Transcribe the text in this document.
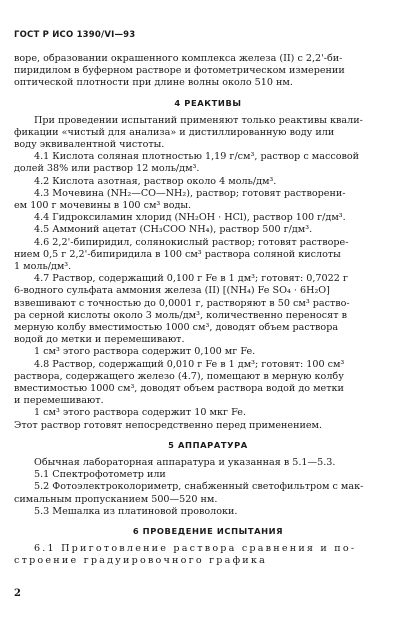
ГОСТ Р ИСО 1390/VI—93

воре, образовании окрашенного комплекса железа (II) с 2,2'-би-

пиридилом в буферном растворе и фотометрическом измерении

оптической плотности при длине волны около 510 нм.

4 РЕАКТИВЫ

При проведении испытаний применяют только реактивы квали-

фикации «чистый для анализа» и дистиллированную воду или

воду эквивалентной чистоты.

4.1 Кислота соляная плотностью 1,19 г/см³, раствор с массовой

долей 38% или раствор 12 моль/дм³.

4.2 Кислота азотная, раствор около 4 моль/дм³.

4.3 Мочевина (NH₂—CO—NH₂), раствор; готовят растворени-

ем 100 г мочевины в 100 см³ воды.

4.4 Гидроксиламин хлорид (NH₂OH · HCl), раствор 100 г/дм³.

4.5 Аммоний ацетат (CH₃COO NH₄), раствор 500 г/дм³.

4.6 2,2'-бипиридил, солянокислый раствор; готовят растворе-

нием 0,5 г 2,2'-бипиридила в 100 см³ раствора соляной кислоты

1 моль/дм³.

4.7 Раствор, содержащий 0,100 г Fe в 1 дм³; готовят: 0,7022 г

6-водного сульфата аммония железа (II) [(NH₄) Fe SO₄ · 6H₂O]

взвешивают с точностью до 0,0001 г, растворяют в 50 см³ раство-

ра серной кислоты около 3 моль/дм³, количественно переносят в

мерную колбу вместимостью 1000 см³, доводят объем раствора

водой до метки и перемешивают.

1 см³ этого раствора содержит 0,100 мг Fe.

4.8 Раствор, содержащий 0,010 г Fe в 1 дм³; готовят: 100 см³

раствора, содержащего железо (4.7), помещают в мерную колбу

вместимостью 1000 см³, доводят объем раствора водой до метки

и перемешивают.

1 см³ этого раствора содержит 10 мкг Fe.

Этот раствор готовят непосредственно перед применением.

5 АППАРАТУРА

Обычная лабораторная аппаратура и указанная в 5.1—5.3.

5.1 Спектрофотометр или

5.2 Фотоэлектроколориметр, снабженный светофильтром с мак-

симальным пропусканием 500—520 нм.

5.3 Мешалка из платиновой проволоки.

6 ПРОВЕДЕНИЕ ИСПЫТАНИЯ

6.1 Приготовление раствора сравнения и по-

строение градуировочного графика

2
